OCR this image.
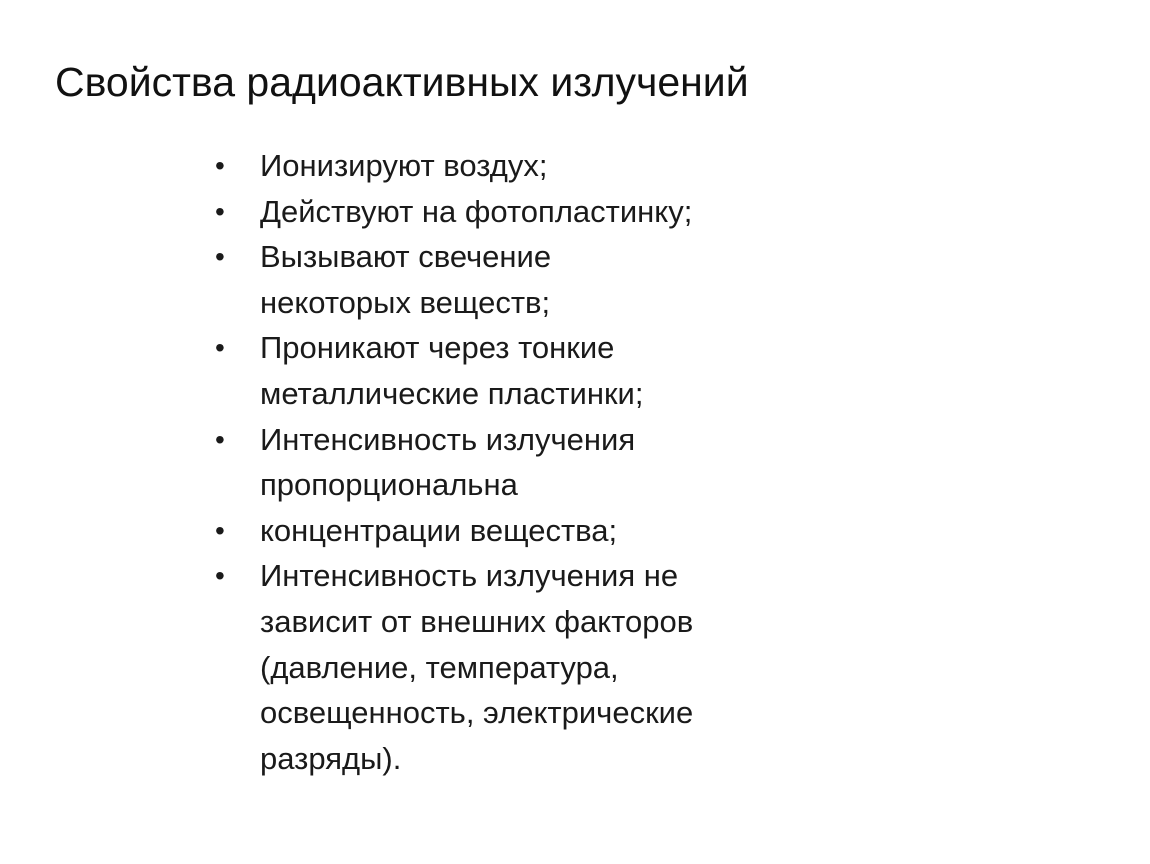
Свойства радиоактивных излучений
• Ионизируют воздух;
• Действуют на фотопластинку;
• Вызывают свечение
некоторых веществ;
• Проникают через тонкие
металлические пластинки;
• Интенсивность излучения
пропорциональна
• концентрации вещества;
• Интенсивность излучения не
зависит от внешних факторов
(давление, температура,
освещенность, электрические
разряды).
